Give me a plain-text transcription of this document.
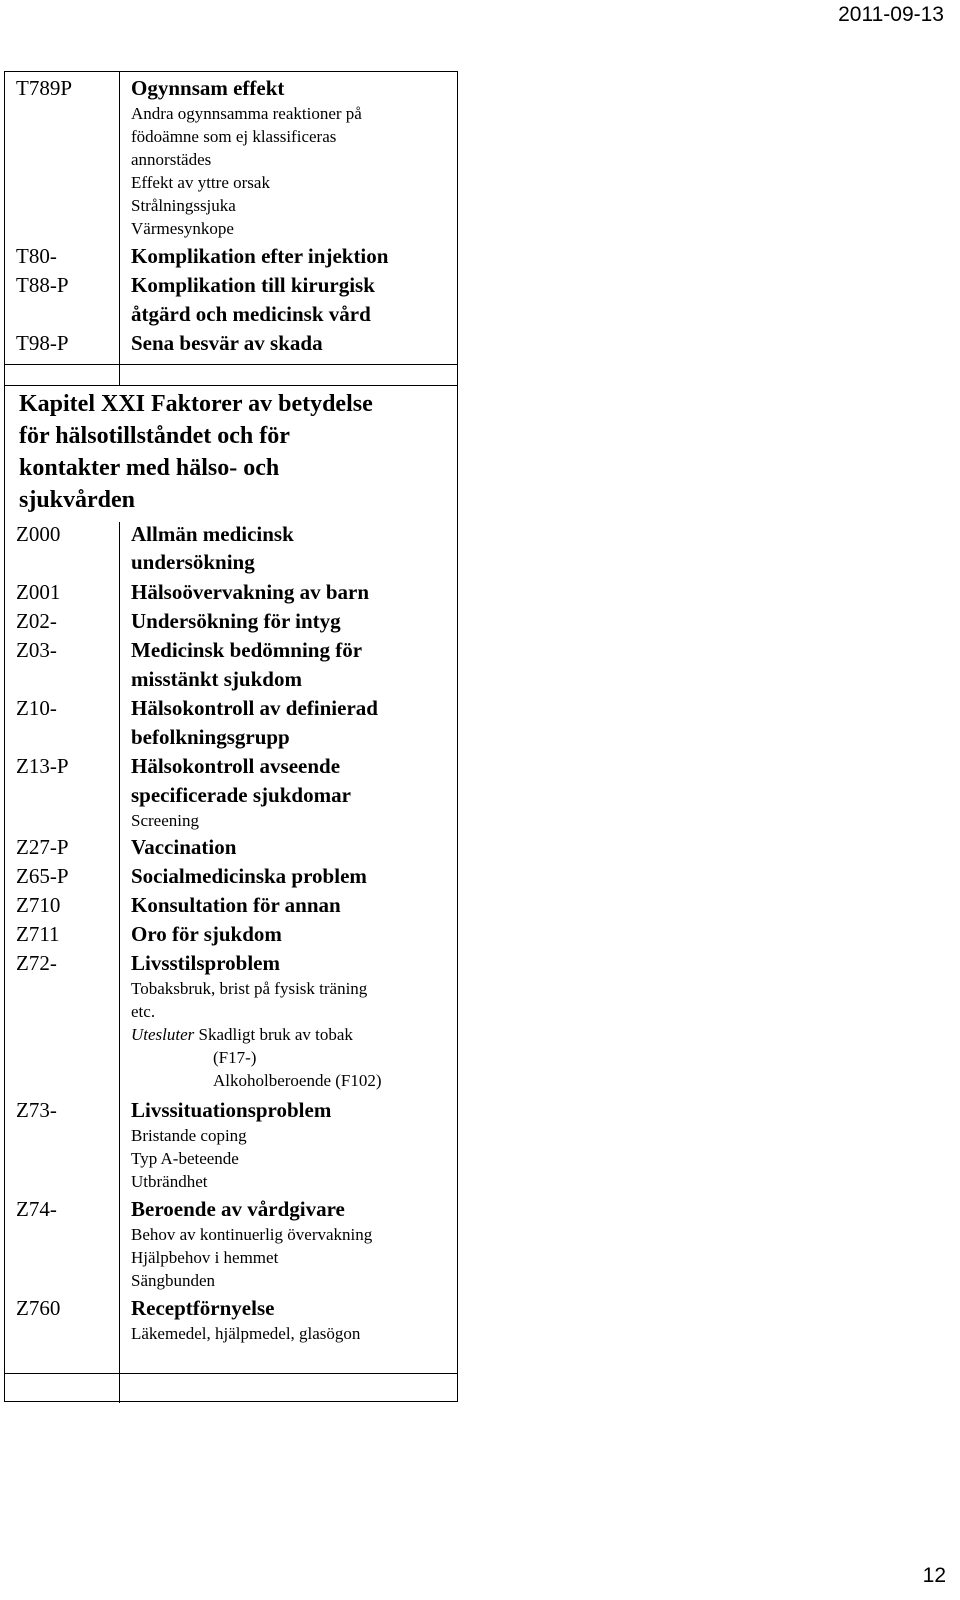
2011-09-13
T789P	Ogynnsam effekt
Andra ogynnsamma reaktioner på
födoämne som ej klassificeras
annorstädes
Effekt av yttre orsak
Strålningssjuka
Värmesynkope
T80-	Komplikation efter injektion
T88-P	Komplikation till kirurgisk
åtgärd och medicinsk vård
T98-P	Sena besvär av skada
Kapitel XXI Faktorer av betydelse
för hälsotillståndet och för
kontakter med hälso- och
sjukvården
Z000	Allmän medicinsk
undersökning
Z001	Hälsoövervakning av barn
Z02-	Undersökning för intyg
Z03-	Medicinsk bedömning för
misstänkt sjukdom
Z10-	Hälsokontroll av definierad
befolkningsgrupp
Z13-P	Hälsokontroll avseende
specificerade sjukdomar
Screening
Z27-P	Vaccination
Z65-P	Socialmedicinska problem
Z710	Konsultation för annan
Z711	Oro för sjukdom
Z72-	Livsstilsproblem
Tobaksbruk, brist på fysisk träning
etc.
Utesluter Skadligt bruk av tobak
(F17-)
Alkoholberoende (F102)
Z73-	Livssituationsproblem
Bristande coping
Typ A-beteende
Utbrändhet
Z74-	Beroende av vårdgivare
Behov av kontinuerlig övervakning
Hjälpbehov i hemmet
Sängbunden
Z760	Receptförnyelse
Läkemedel, hjälpmedel, glasögon
12
